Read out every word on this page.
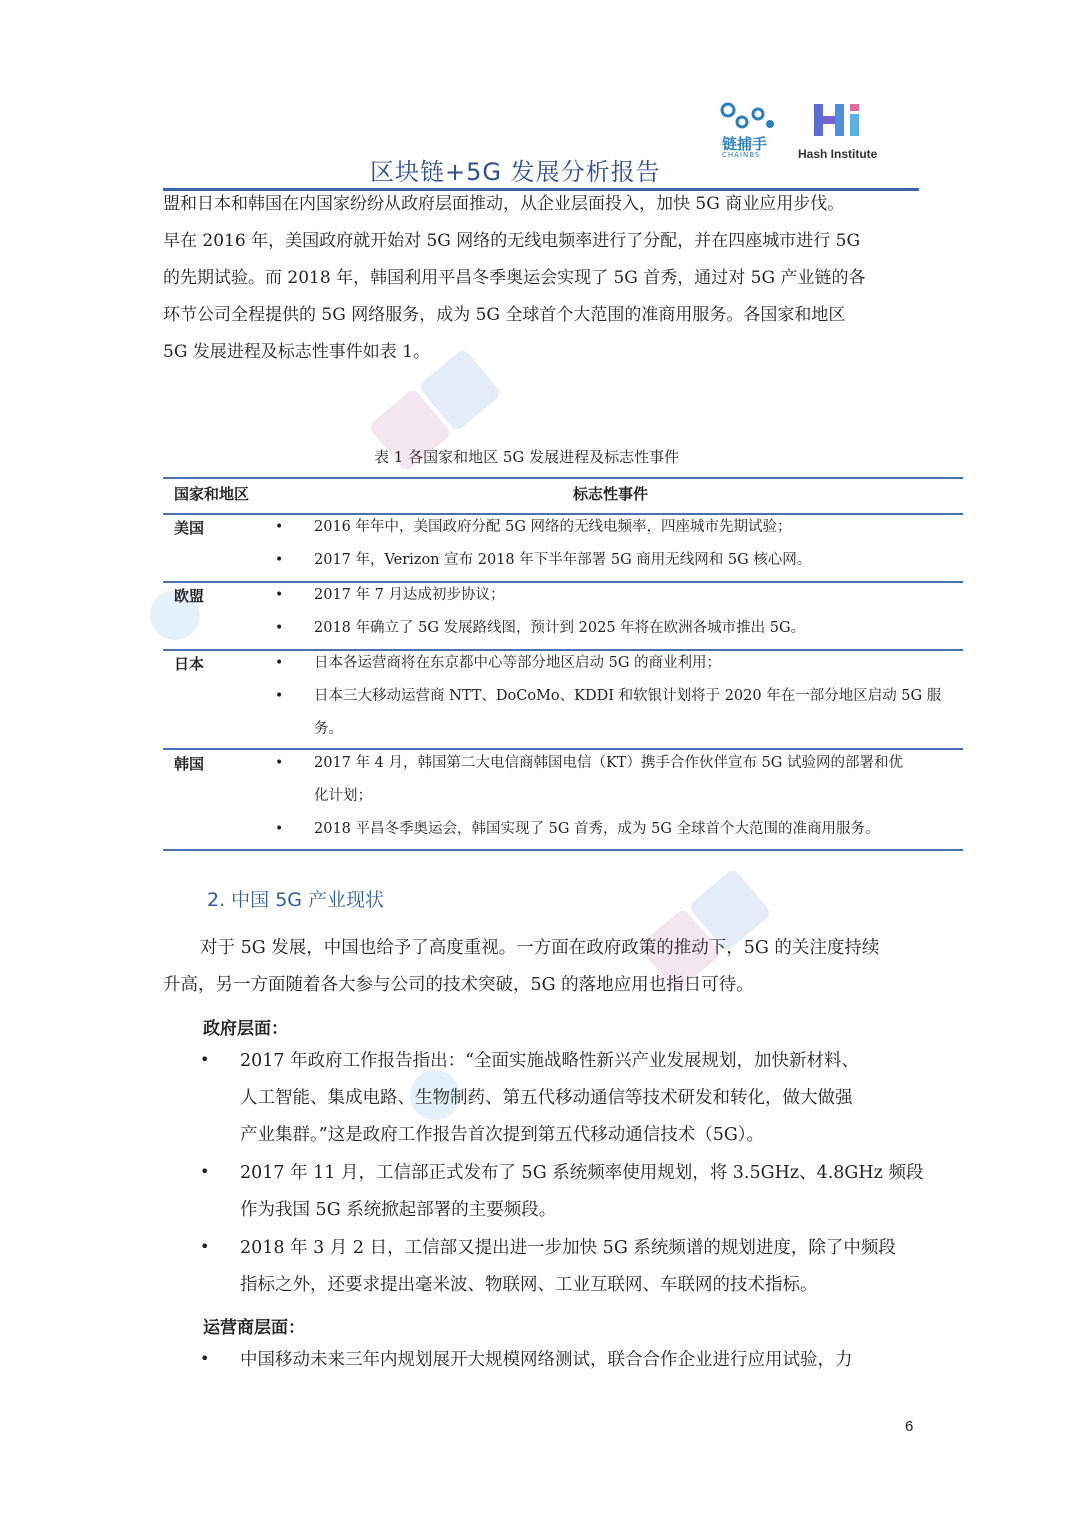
链捕手
CHAINBS	Hash Institute
区块链+5G 发展分析报告

盟和日本和韩国在内国家纷纷从政府层面推动，从企业层面投入，加快 5G 商业应用步伐。

早在 2016 年，美国政府就开始对 5G 网络的无线电频率进行了分配，并在四座城市进行 5G

的先期试验。而 2018 年，韩国利用平昌冬季奥运会实现了 5G 首秀，通过对 5G 产业链的各

环节公司全程提供的 5G 网络服务，成为 5G 全球首个大范围的准商用服务。各国家和地区

5G 发展进程及标志性事件如表 1。

表 1 各国家和地区 5G 发展进程及标志性事件
国家和地区	标志性事件
美国	• 2016 年年中，美国政府分配 5G 网络的无线电频率，四座城市先期试验；
• 2017 年，Verizon 宣布 2018 年下半年部署 5G 商用无线网和 5G 核心网。
欧盟	• 2017 年 7 月达成初步协议；
• 2018 年确立了 5G 发展路线图，预计到 2025 年将在欧洲各城市推出 5G。
日本	• 日本各运营商将在东京都中心等部分地区启动 5G 的商业利用；
• 日本三大移动运营商 NTT、DoCoMo、KDDI 和软银计划将于 2020 年在一部分地区启动 5G 服
务。
韩国	• 2017 年 4 月，韩国第二大电信商韩国电信（KT）携手合作伙伴宣布 5G 试验网的部署和优
化计划；
• 2018 平昌冬季奥运会，韩国实现了 5G 首秀，成为 5G 全球首个大范围的准商用服务。
2. 中国 5G 产业现状
对于 5G 发展，中国也给予了高度重视。一方面在政府政策的推动下，5G 的关注度持续
升高，另一方面随着各大参与公司的技术突破，5G 的落地应用也指日可待。
政府层面：
• 2017 年政府工作报告指出：“全面实施战略性新兴产业发展规划，加快新材料、
人工智能、集成电路、生物制药、第五代移动通信等技术研发和转化，做大做强
产业集群。”这是政府工作报告首次提到第五代移动通信技术（5G）。
• 2017 年 11 月，工信部正式发布了 5G 系统频率使用规划，将 3.5GHz、4.8GHz 频段
作为我国 5G 系统掀起部署的主要频段。
• 2018 年 3 月 2 日，工信部又提出进一步加快 5G 系统频谱的规划进度，除了中频段
指标之外，还要求提出毫米波、物联网、工业互联网、车联网的技术指标。
运营商层面：
• 中国移动未来三年内规划展开大规模网络测试，联合合作企业进行应用试验，力
6
